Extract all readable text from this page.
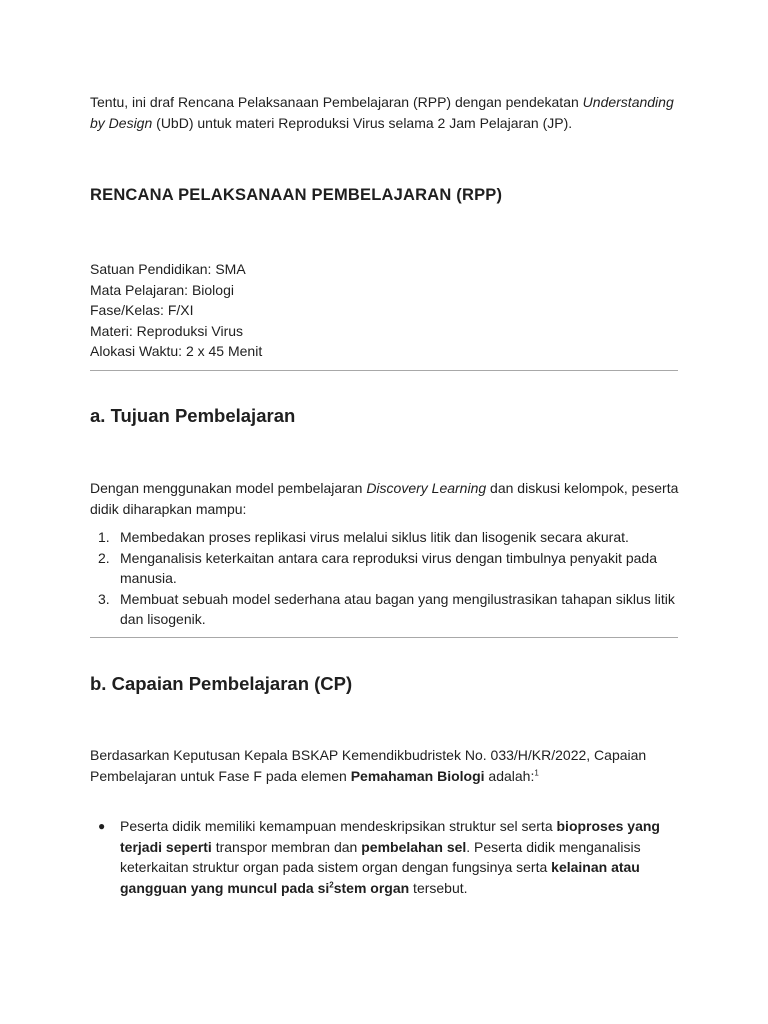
Tentu, ini draf Rencana Pelaksanaan Pembelajaran (RPP) dengan pendekatan Understanding by Design (UbD) untuk materi Reproduksi Virus selama 2 Jam Pelajaran (JP).

RENCANA PELAKSANAAN PEMBELAJARAN (RPP)
Satuan Pendidikan: SMA
Mata Pelajaran: Biologi
Fase/Kelas: F/XI
Materi: Reproduksi Virus
Alokasi Waktu: 2 x 45 Menit
a. Tujuan Pembelajaran

Dengan menggunakan model pembelajaran Discovery Learning dan diskusi kelompok, peserta didik diharapkan mampu:

1. Membedakan proses replikasi virus melalui siklus litik dan lisogenik secara akurat.
2. Menganalisis keterkaitan antara cara reproduksi virus dengan timbulnya penyakit pada manusia.
3. Membuat sebuah model sederhana atau bagan yang mengilustrasikan tahapan siklus litik dan lisogenik.
b. Capaian Pembelajaran (CP)

Berdasarkan Keputusan Kepala BSKAP Kemendikbudristek No. 033/H/KR/2022, Capaian Pembelajaran untuk Fase F pada elemen Pemahaman Biologi adalah:$^1$

● Peserta didik memiliki kemampuan mendeskripsikan struktur sel serta bioproses yang terjadi seperti transpor membran dan pembelahan sel. Peserta didik menganalisis keterkaitan struktur organ pada sistem organ dengan fungsinya serta kelainan atau gangguan yang muncul pada $si^2stem$ organ tersebut.
